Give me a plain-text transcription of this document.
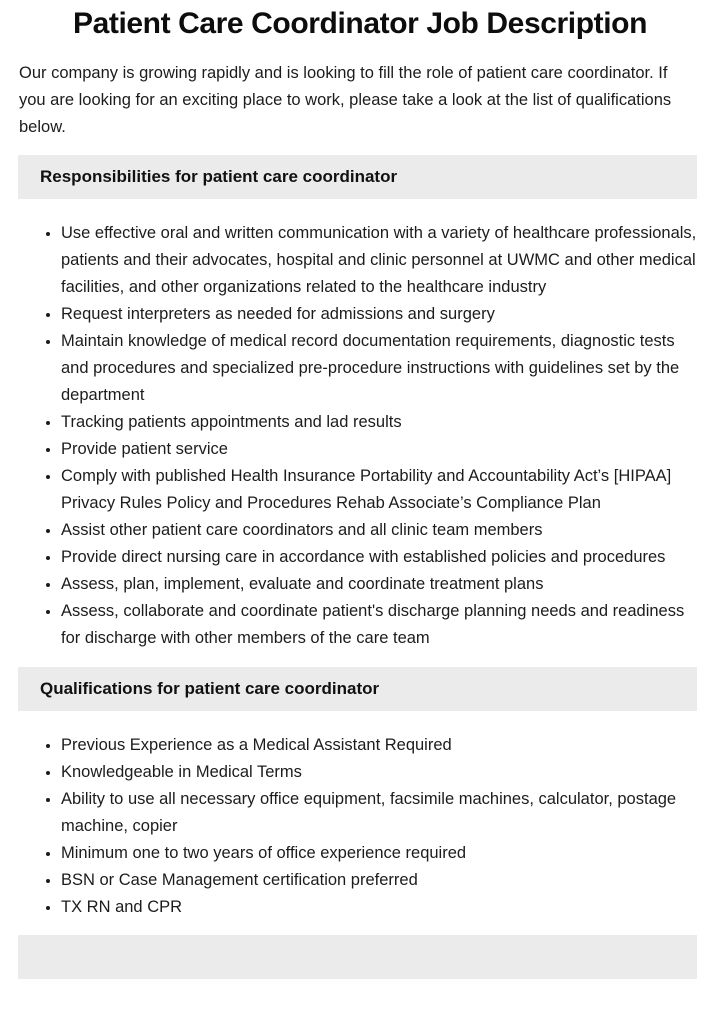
Patient Care Coordinator Job Description

Our company is growing rapidly and is looking to fill the role of patient care coordinator. If you are looking for an exciting place to work, please take a look at the list of qualifications below.

Responsibilities for patient care coordinator
• Use effective oral and written communication with a variety of healthcare professionals, patients and their advocates, hospital and clinic personnel at UWMC and other medical facilities, and other organizations related to the healthcare industry
• Request interpreters as needed for admissions and surgery
• Maintain knowledge of medical record documentation requirements, diagnostic tests and procedures and specialized pre-procedure instructions with guidelines set by the department
• Tracking patients appointments and lad results
• Provide patient service
• Comply with published Health Insurance Portability and Accountability Act’s [HIPAA] Privacy Rules Policy and Procedures Rehab Associate’s Compliance Plan
• Assist other patient care coordinators and all clinic team members
• Provide direct nursing care in accordance with established policies and procedures
• Assess, plan, implement, evaluate and coordinate treatment plans
• Assess, collaborate and coordinate patient's discharge planning needs and readiness for discharge with other members of the care team
Qualifications for patient care coordinator
• Previous Experience as a Medical Assistant Required
• Knowledgeable in Medical Terms
• Ability to use all necessary office equipment, facsimile machines, calculator, postage machine, copier
• Minimum one to two years of office experience required
• BSN or Case Management certification preferred
• TX RN and CPR
